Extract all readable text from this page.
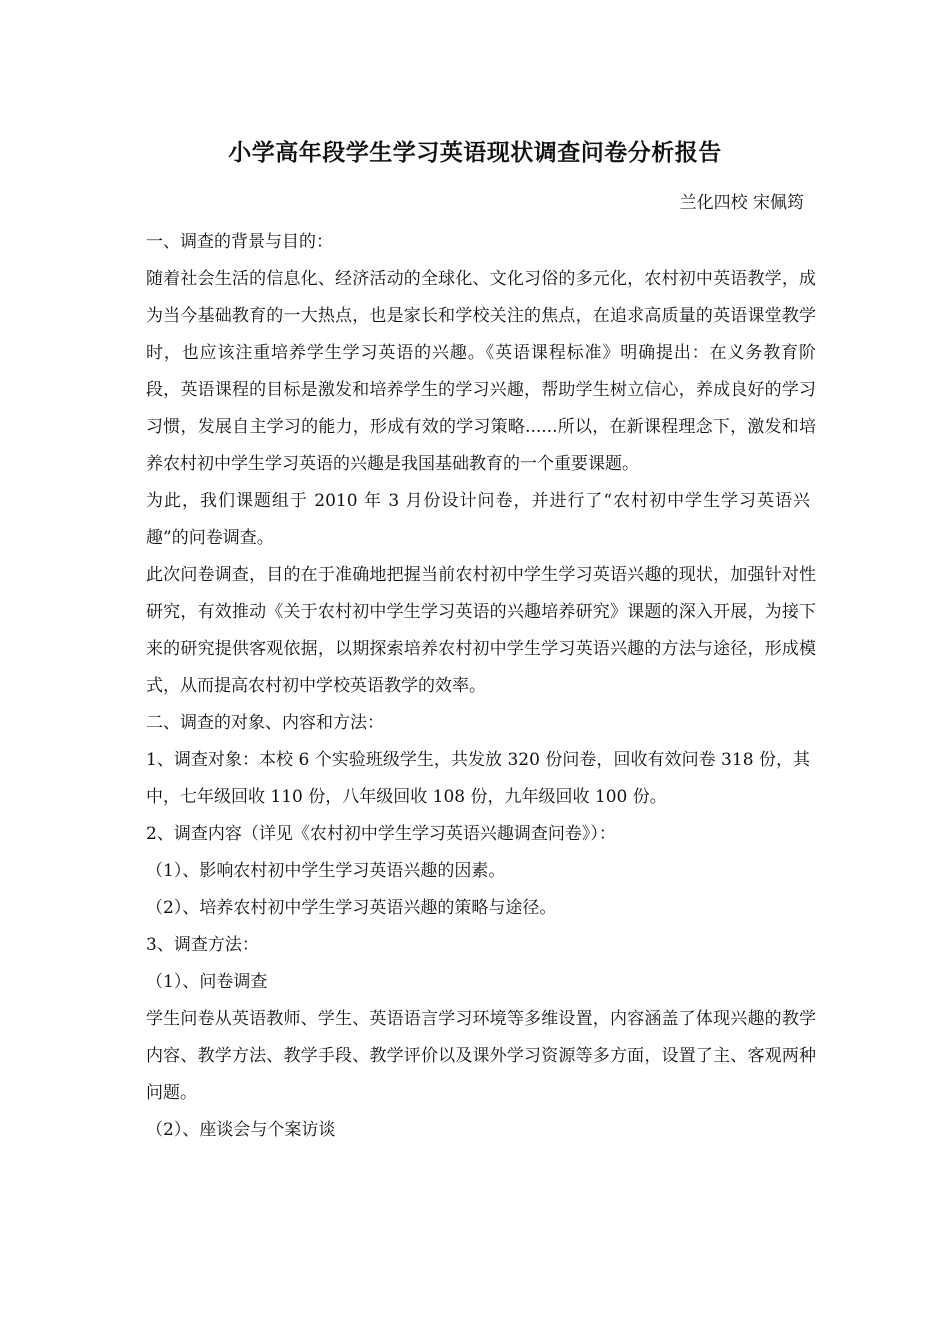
小学高年段学生学习英语现状调查问卷分析报告
兰化四校 宋佩筠

一、调查的背景与目的：

随着社会生活的信息化、经济活动的全球化、文化习俗的多元化，农村初中英语教学，成为当今基础教育的一大热点，也是家长和学校关注的焦点，在追求高质量的英语课堂教学时，也应该注重培养学生学习英语的兴趣。《英语课程标准》明确提出：在义务教育阶段，英语课程的目标是激发和培养学生的学习兴趣，帮助学生树立信心，养成良好的学习习惯，发展自主学习的能力，形成有效的学习策略......所以，在新课程理念下，激发和培养农村初中学生学习英语的兴趣是我国基础教育的一个重要课题。

为此，我们课题组于 2010 年 3 月份设计问卷，并进行了“农村初中学生学习英语兴趣”的问卷调查。

此次问卷调查，目的在于准确地把握当前农村初中学生学习英语兴趣的现状，加强针对性研究，有效推动《关于农村初中学生学习英语的兴趣培养研究》课题的深入开展，为接下来的研究提供客观依据，以期探索培养农村初中学生学习英语兴趣的方法与途径，形成模式，从而提高农村初中学校英语教学的效率。

二、调查的对象、内容和方法：

1、调查对象：本校 6 个实验班级学生，共发放 320 份问卷，回收有效问卷 318 份，其中，七年级回收 110 份，八年级回收 108 份，九年级回收 100 份。

2、调查内容（详见《农村初中学生学习英语兴趣调查问卷》）：

（1）、影响农村初中学生学习英语兴趣的因素。

（2）、培养农村初中学生学习英语兴趣的策略与途径。

3、调查方法：

（1）、问卷调查

学生问卷从英语教师、学生、英语语言学习环境等多维设置，内容涵盖了体现兴趣的教学内容、教学方法、教学手段、教学评价以及课外学习资源等多方面，设置了主、客观两种问题。

（2）、座谈会与个案访谈
